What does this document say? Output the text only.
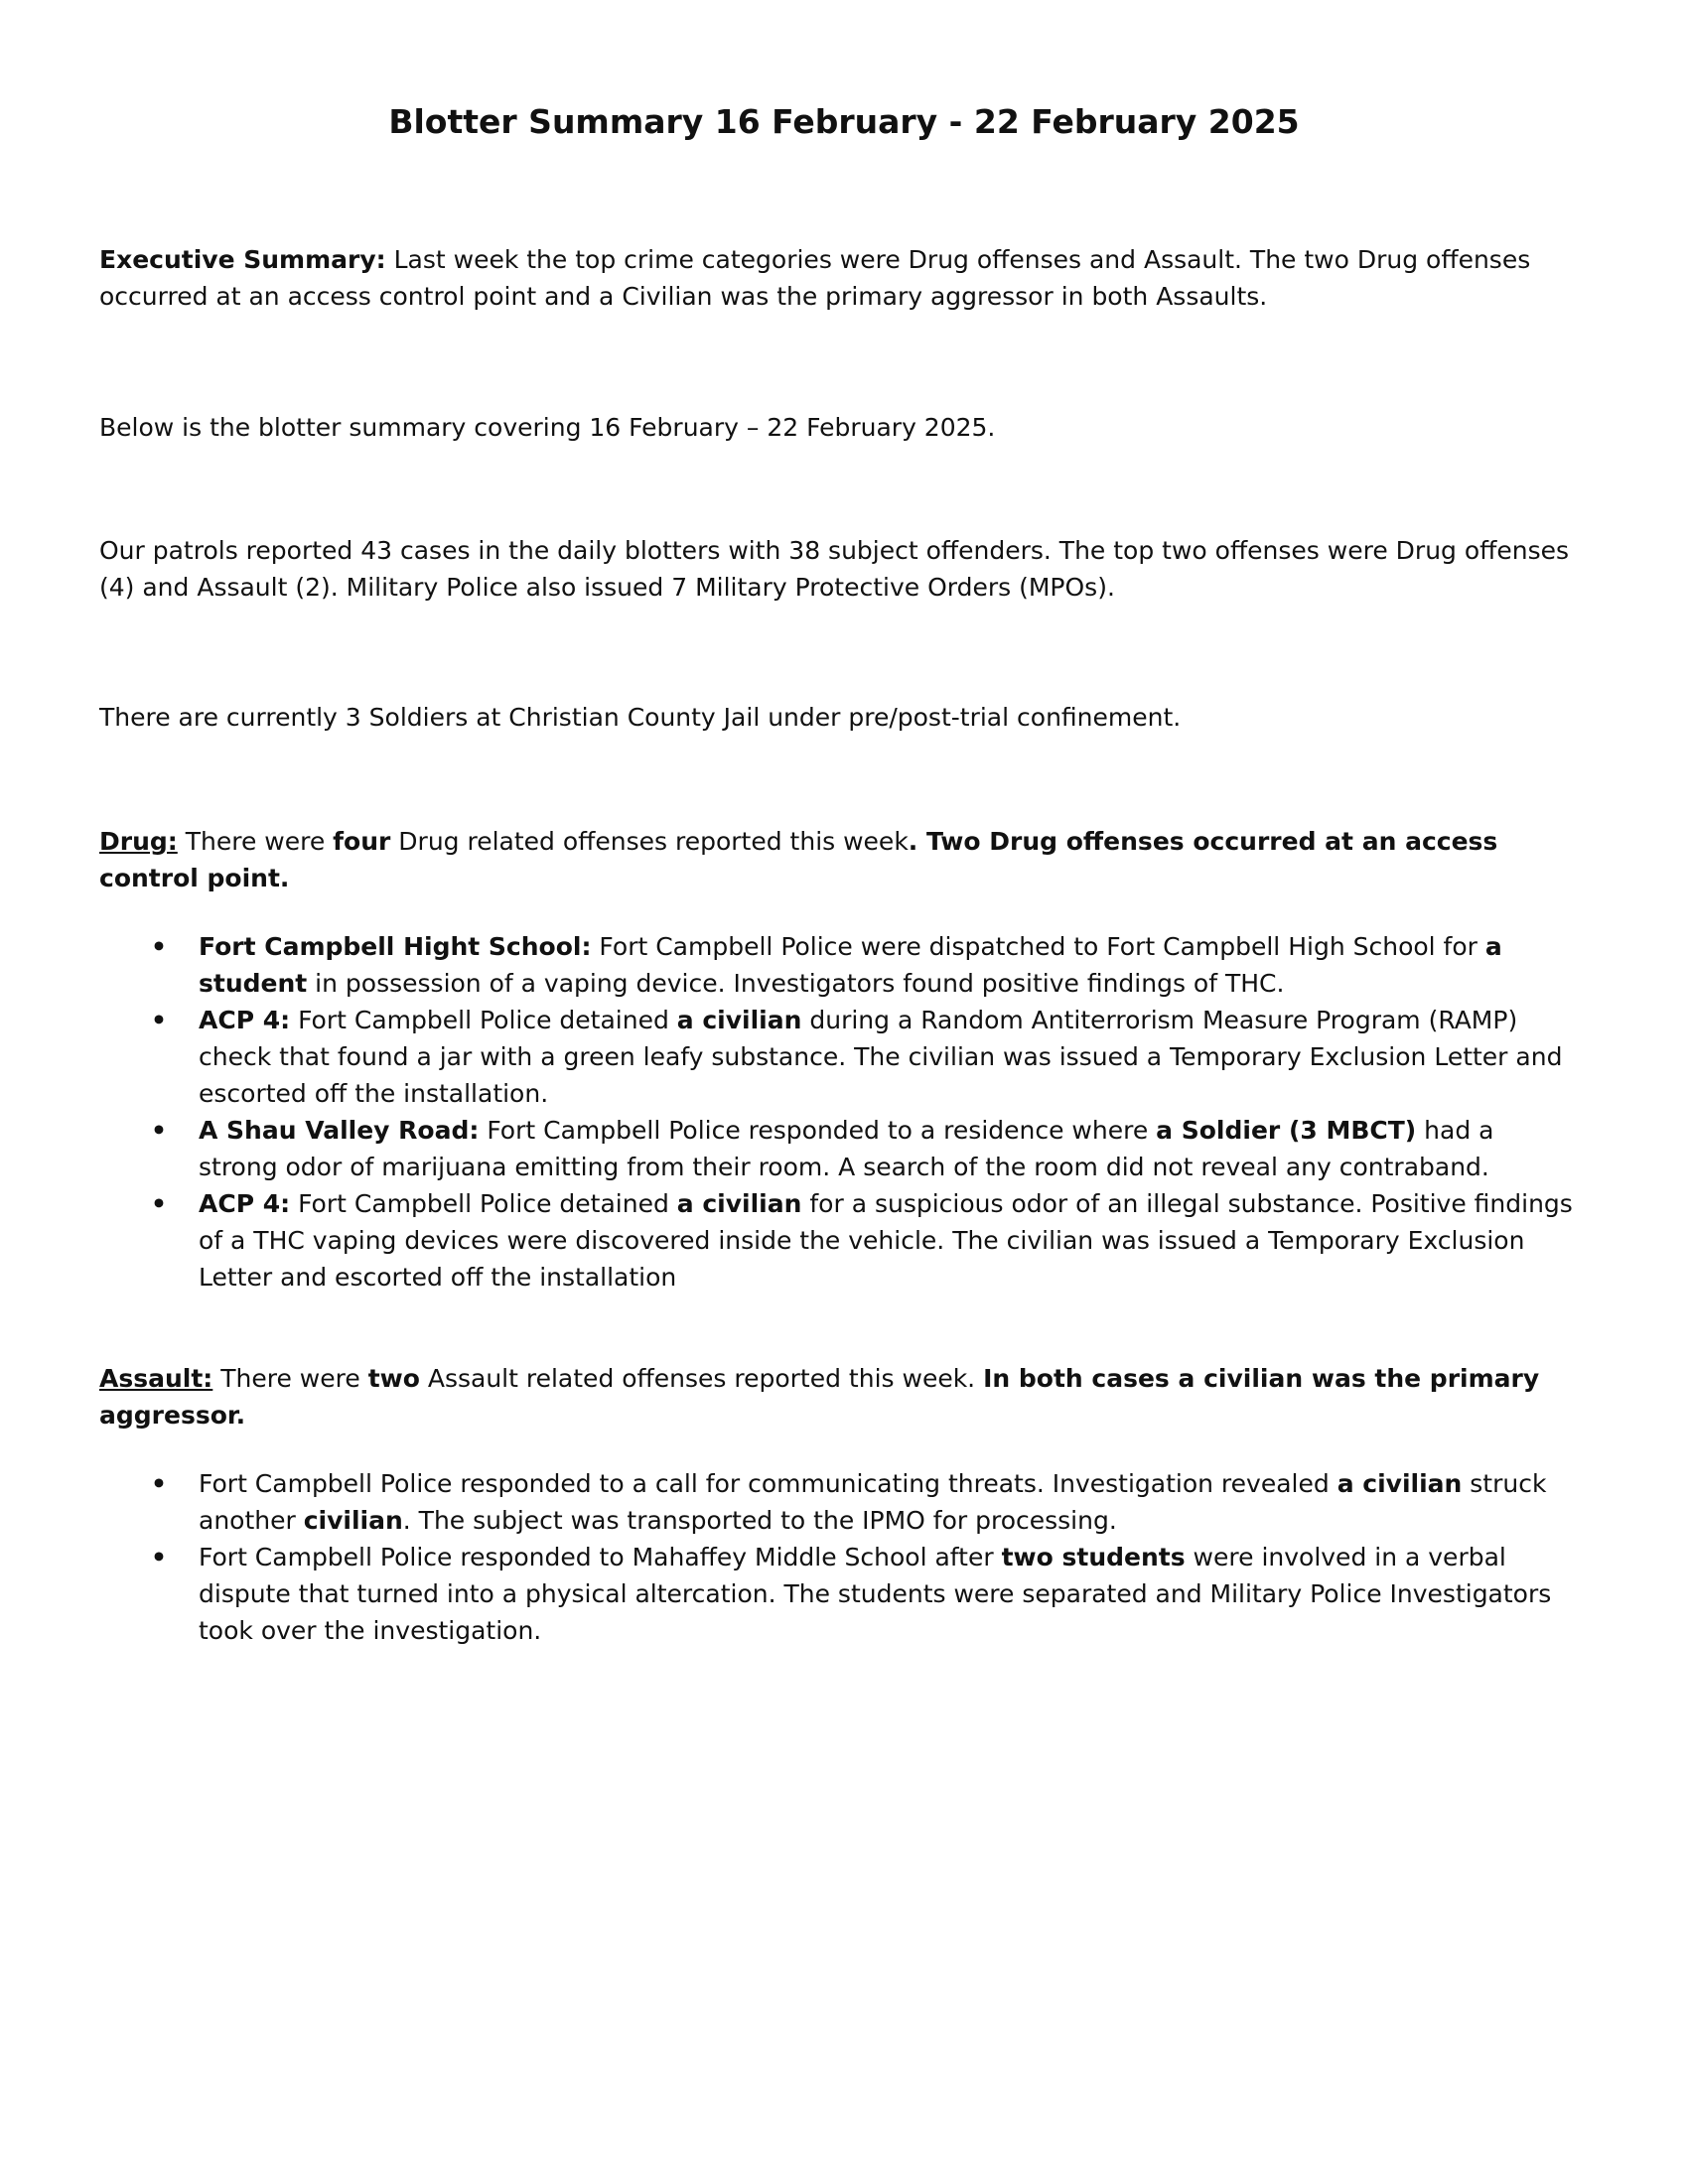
Blotter Summary 16 February - 22 February 2025

Executive Summary: Last week the top crime categories were Drug offenses and Assault. The two Drug offenses occurred at an access control point and a Civilian was the primary aggressor in both Assaults.

Below is the blotter summary covering 16 February – 22 February 2025.

Our patrols reported 43 cases in the daily blotters with 38 subject offenders. The top two offenses were Drug offenses (4) and Assault (2). Military Police also issued 7 Military Protective Orders (MPOs).

There are currently 3 Soldiers at Christian County Jail under pre/post-trial confinement.

Drug: There were four Drug related offenses reported this week. Two Drug offenses occurred at an access control point.

• Fort Campbell Hight School: Fort Campbell Police were dispatched to Fort Campbell High School for a student in possession of a vaping device. Investigators found positive findings of THC.
• ACP 4: Fort Campbell Police detained a civilian during a Random Antiterrorism Measure Program (RAMP) check that found a jar with a green leafy substance. The civilian was issued a Temporary Exclusion Letter and escorted off the installation.
• A Shau Valley Road: Fort Campbell Police responded to a residence where a Soldier (3 MBCT) had a strong odor of marijuana emitting from their room. A search of the room did not reveal any contraband.
• ACP 4: Fort Campbell Police detained a civilian for a suspicious odor of an illegal substance. Positive findings of a THC vaping devices were discovered inside the vehicle. The civilian was issued a Temporary Exclusion Letter and escorted off the installation

Assault: There were two Assault related offenses reported this week. In both cases a civilian was the primary aggressor.

• Fort Campbell Police responded to a call for communicating threats. Investigation revealed a civilian struck another civilian. The subject was transported to the IPMO for processing.
• Fort Campbell Police responded to Mahaffey Middle School after two students were involved in a verbal dispute that turned into a physical altercation. The students were separated and Military Police Investigators took over the investigation.
